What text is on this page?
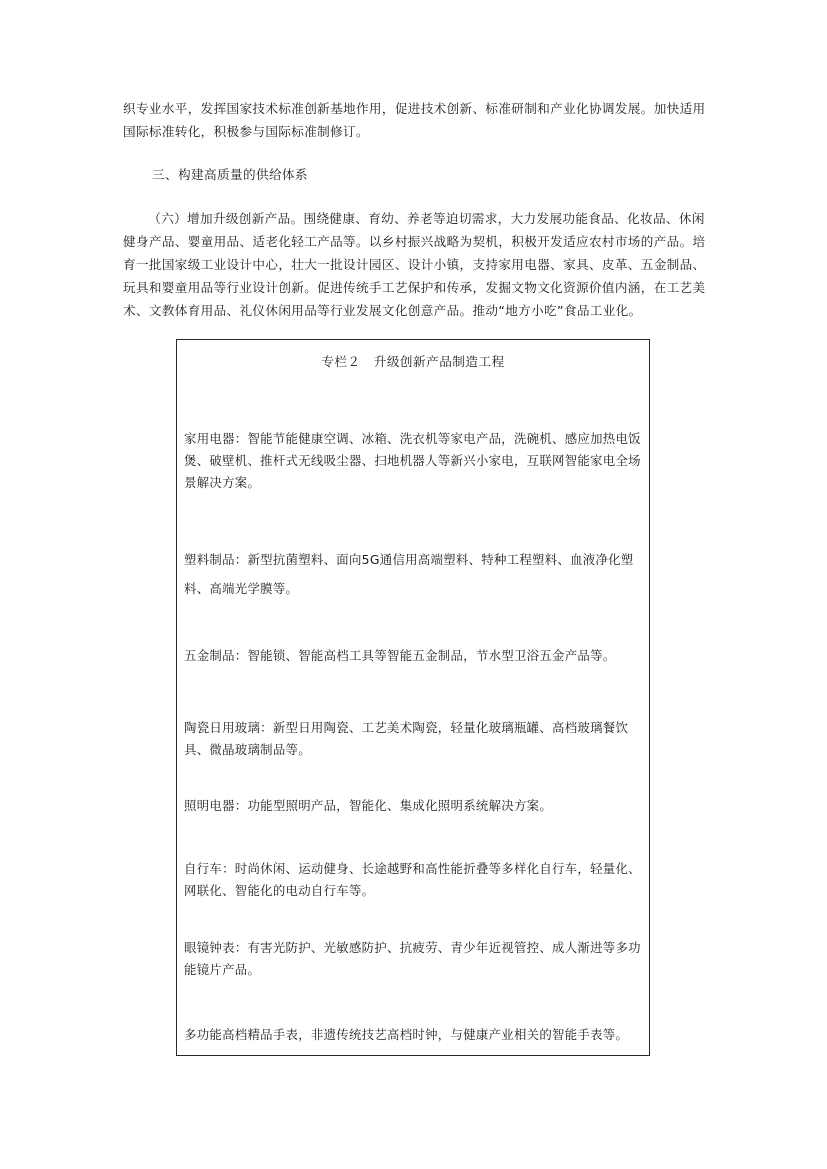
织专业水平，发挥国家技术标准创新基地作用，促进技术创新、标准研制和产业化协调发展。加快适用国际标准转化，积极参与国际标准制修订。

三、构建高质量的供给体系

（六）增加升级创新产品。围绕健康、育幼、养老等迫切需求，大力发展功能食品、化妆品、休闲健身产品、婴童用品、适老化轻工产品等。以乡村振兴战略为契机，积极开发适应农村市场的产品。培育一批国家级工业设计中心，壮大一批设计园区、设计小镇，支持家用电器、家具、皮革、五金制品、玩具和婴童用品等行业设计创新。促进传统手工艺保护和传承，发掘文物文化资源价值内涵，在工艺美术、文教体育用品、礼仪休闲用品等行业发展文化创意产品。推动“地方小吃”食品工业化。

专栏２　升级创新产品制造工程

家用电器：智能节能健康空调、冰箱、洗衣机等家电产品，洗碗机、感应加热电饭煲、破壁机、推杆式无线吸尘器、扫地机器人等新兴小家电，互联网智能家电全场景解决方案。

塑料制品：新型抗菌塑料、面向5G通信用高端塑料、特种工程塑料、血液净化塑料、高端光学膜等。

五金制品：智能锁、智能高档工具等智能五金制品，节水型卫浴五金产品等。

陶瓷日用玻璃：新型日用陶瓷、工艺美术陶瓷，轻量化玻璃瓶罐、高档玻璃餐饮具、微晶玻璃制品等。

照明电器：功能型照明产品，智能化、集成化照明系统解决方案。

自行车：时尚休闲、运动健身、长途越野和高性能折叠等多样化自行车，轻量化、网联化、智能化的电动自行车等。

眼镜钟表：有害光防护、光敏感防护、抗疲劳、青少年近视管控、成人渐进等多功能镜片产品。

多功能高档精品手表，非遗传统技艺高档时钟，与健康产业相关的智能手表等。
